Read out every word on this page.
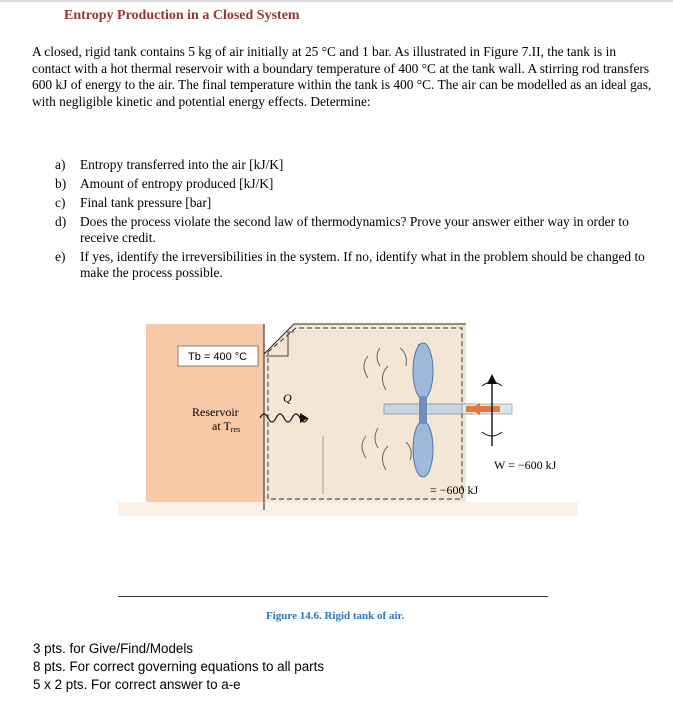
Entropy Production in a Closed System

A closed, rigid tank contains 5 kg of air initially at 25 °C and 1 bar. As illustrated in Figure 7.II, the tank is in contact with a hot thermal reservoir with a boundary temperature of 400 °C at the tank wall. A stirring rod transfers 600 kJ of energy to the air. The final temperature within the tank is 400 °C. The air can be modelled as an ideal gas, with negligible kinetic and potential energy effects. Determine:

a)	Entropy transferred into the air [kJ/K]
b)	Amount of entropy produced [kJ/K]
c)	Final tank pressure [bar]
d)	Does the process violate the second law of thermodynamics? Prove your answer either way in order to receive credit.
e)	If yes, identify the irreversibilities in the system. If no, identify what in the problem should be changed to make the process possible.
Tb = 400 °C
Reservoir
at Tres
Q
W = −600 kJ
= −600 kJ
Figure 14.6. Rigid tank of air.
3 pts. for Give/Find/Models
8 pts. For correct governing equations to all parts
5 x 2 pts. For correct answer to a-e
